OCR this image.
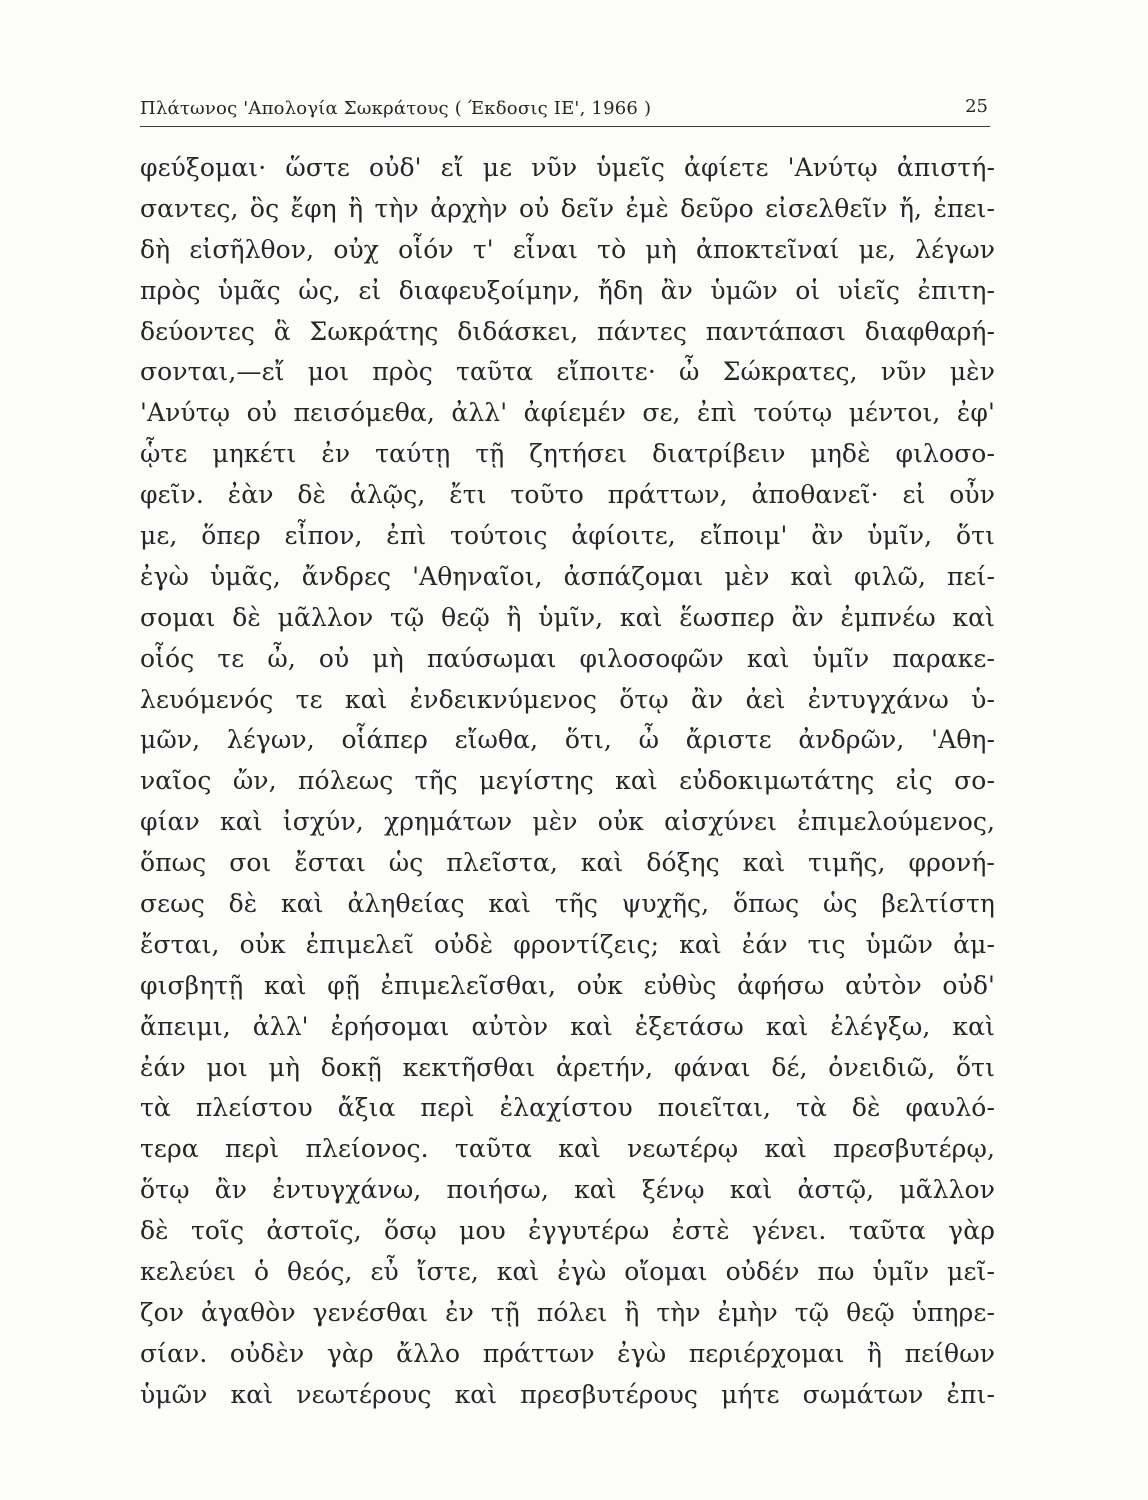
Πλάτωνος 'Απολογία Σωκράτους ( Έκδοσις ΙΕ', 1966 )	25
φεύξομαι· ὥστε οὐδ' εἴ με νῦν ὑμεῖς ἀφίετε 'Ανύτῳ ἀπιστή-
σαντες, ὃς ἔφη ἢ τὴν ἀρχὴν οὐ δεῖν ἐμὲ δεῦρο εἰσελθεῖν ἤ, ἐπει-
δὴ εἰσῆλθον, οὐχ οἷόν τ' εἶναι τὸ μὴ ἀποκτεῖναί με, λέγων
πρὸς ὑμᾶς ὡς, εἰ διαφευξοίμην, ἤδη ἂν ὑμῶν οἱ υἱεῖς ἐπιτη-
δεύοντες ἃ Σωκράτης διδάσκει, πάντες παντάπασι διαφθαρή-
σονται,—εἴ μοι πρὸς ταῦτα εἴποιτε· ὦ Σώκρατες, νῦν μὲν
'Ανύτῳ οὐ πεισόμεθα, ἀλλ' ἀφίεμέν σε, ἐπὶ τούτῳ μέντοι, ἐφ'
ᾧτε μηκέτι ἐν ταύτῃ τῇ ζητήσει διατρίβειν μηδὲ φιλοσο-
φεῖν. ἐὰν δὲ ἁλῷς, ἔτι τοῦτο πράττων, ἀποθανεῖ· εἰ οὖν
με, ὅπερ εἶπον, ἐπὶ τούτοις ἀφίοιτε, εἴποιμ' ἂν ὑμῖν, ὅτι
ἐγὼ ὑμᾶς, ἄνδρες 'Αθηναῖοι, ἀσπάζομαι μὲν καὶ φιλῶ, πεί-
σομαι δὲ μᾶλλον τῷ θεῷ ἢ ὑμῖν, καὶ ἕωσπερ ἂν ἐμπνέω καὶ
οἷός τε ὦ, οὐ μὴ παύσωμαι φιλοσοφῶν καὶ ὑμῖν παρακε-
λευόμενός τε καὶ ἐνδεικνύμενος ὅτῳ ἂν ἀεὶ ἐντυγχάνω ὑ-
μῶν, λέγων, οἷάπερ εἴωθα, ὅτι, ὦ ἄριστε ἀνδρῶν, 'Αθη-
ναῖος ὤν, πόλεως τῆς μεγίστης καὶ εὐδοκιμωτάτης εἰς σο-
φίαν καὶ ἰσχύν, χρημάτων μὲν οὐκ αἰσχύνει ἐπιμελούμενος,
ὅπως σοι ἔσται ὡς πλεῖστα, καὶ δόξης καὶ τιμῆς, φρονή-
σεως δὲ καὶ ἀληθείας καὶ τῆς ψυχῆς, ὅπως ὡς βελτίστη
ἔσται, οὐκ ἐπιμελεῖ οὐδὲ φροντίζεις; καὶ ἐάν τις ὑμῶν ἀμ-
φισβητῇ καὶ φῇ ἐπιμελεῖσθαι, οὐκ εὐθὺς ἀφήσω αὐτὸν οὐδ'
ἄπειμι, ἀλλ' ἐρήσομαι αὐτὸν καὶ ἐξετάσω καὶ ἐλέγξω, καὶ
ἐάν μοι μὴ δοκῇ κεκτῆσθαι ἀρετήν, φάναι δέ, ὀνειδιῶ, ὅτι
τὰ πλείστου ἄξια περὶ ἐλαχίστου ποιεῖται, τὰ δὲ φαυλό-
τερα περὶ πλείονος. ταῦτα καὶ νεωτέρῳ καὶ πρεσβυτέρῳ,
ὅτῳ ἂν ἐντυγχάνω, ποιήσω, καὶ ξένῳ καὶ ἀστῷ, μᾶλλον
δὲ τοῖς ἀστοῖς, ὅσῳ μου ἐγγυτέρω ἐστὲ γένει. ταῦτα γὰρ
κελεύει ὁ θεός, εὖ ἴστε, καὶ ἐγὼ οἴομαι οὐδέν πω ὑμῖν μεῖ-
ζον ἀγαθὸν γενέσθαι ἐν τῇ πόλει ἢ τὴν ἐμὴν τῷ θεῷ ὑπηρε-
σίαν. οὐδὲν γὰρ ἄλλο πράττων ἐγὼ περιέρχομαι ἢ πείθων
ὑμῶν καὶ νεωτέρους καὶ πρεσβυτέρους μήτε σωμάτων ἐπι-
